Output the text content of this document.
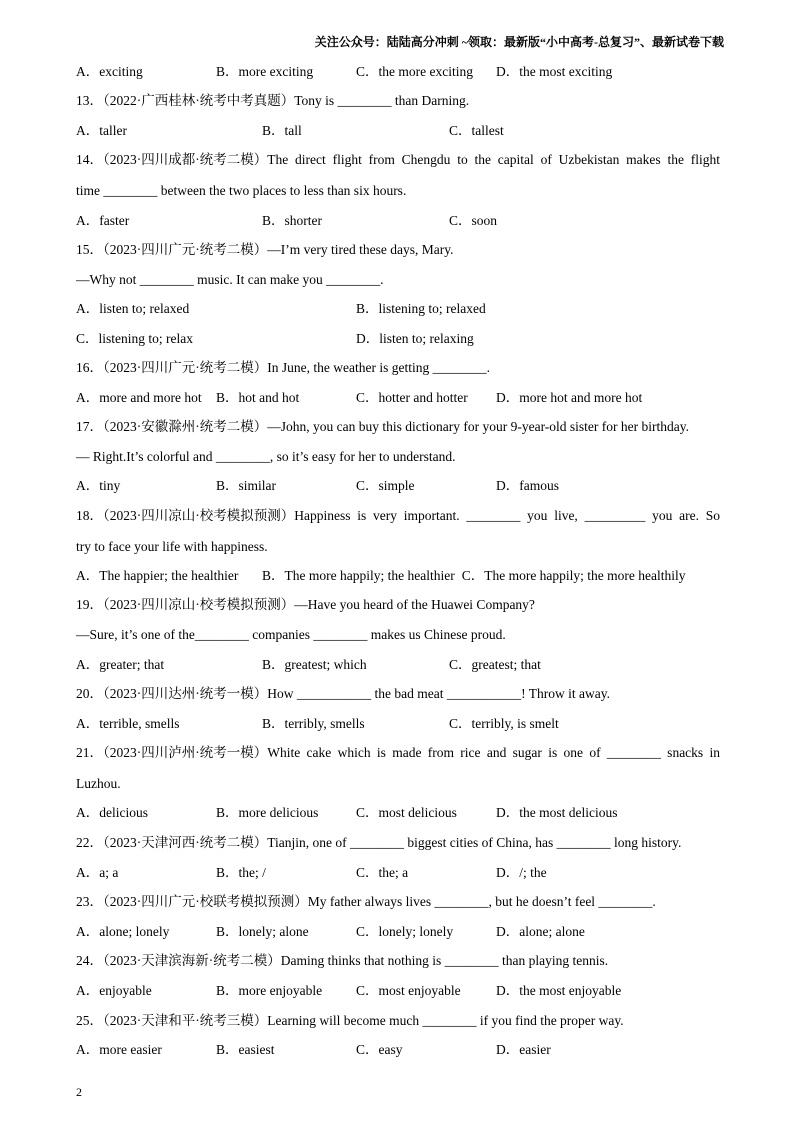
关注公众号：陆陆高分冲刺 ~领取：最新版“小中高考-总复习”、最新试卷下载
A．exciting	B．more exciting	C．the more exciting D．the most exciting
13．（2022·广西桂林·统考中考真题）Tony is ________ than Darning.
A．taller	B．tall	C．tallest
14．（2023·四川成都·统考二模）The direct flight from Chengdu to the capital of Uzbekistan makes the flight
time ________ between the two places to less than six hours.
A．faster	B．shorter	C．soon
15．（2023·四川广元·统考二模）—I’m very tired these days, Mary.
—Why not ________ music. It can make you ________.
A．listen to; relaxed	B．listening to; relaxed
C．listening to; relax	D．listen to; relaxing
16．（2023·四川广元·统考二模）In June, the weather is getting ________.
A．more and more hot B．hot and hot	C．hotter and hotter D．more hot and more hot
17．（2023·安徽滁州·统考二模）—John, you can buy this dictionary for your 9-year-old sister for her birthday.
— Right.It’s colorful and ________, so it’s easy for her to understand.
A．tiny	B．similar	C．simple	D．famous
18．（2023·四川凉山·校考模拟预测）Happiness is very important. ________ you live, _________ you are. So
try to face your life with happiness.
A．The happier; the healthier B．The more happily; the healthier C．The more happily; the more healthily
19．（2023·四川凉山·校考模拟预测）—Have you heard of the Huawei Company?
—Sure, it’s one of the________ companies ________ makes us Chinese proud.
A．greater; that	B．greatest; which	C．greatest; that
20．（2023·四川达州·统考一模）How ___________ the bad meat ___________! Throw it away.
A．terrible, smells	B．terribly, smells	C．terribly, is smelt
21．（2023·四川泸州·统考一模）White cake which is made from rice and sugar is one of ________ snacks in
Luzhou.
A．delicious	B．more delicious	C．most delicious	D．the most delicious
22．（2023·天津河西·统考二模）Tianjin, one of ________ biggest cities of China, has ________ long history.
A．a; a	B．the; /	C．the; a	D．/; the
23．（2023·四川广元·校联考模拟预测）My father always lives ________, but he doesn’t feel ________.
A．alone; lonely	B．lonely; alone	C．lonely; lonely	D．alone; alone
24．（2023·天津滨海新·统考二模）Daming thinks that nothing is ________ than playing tennis.
A．enjoyable	B．more enjoyable	C．most enjoyable	D．the most enjoyable
25．（2023·天津和平·统考三模）Learning will become much ________ if you find the proper way.
A．more easier	B．easiest	C．easy	D．easier
2
